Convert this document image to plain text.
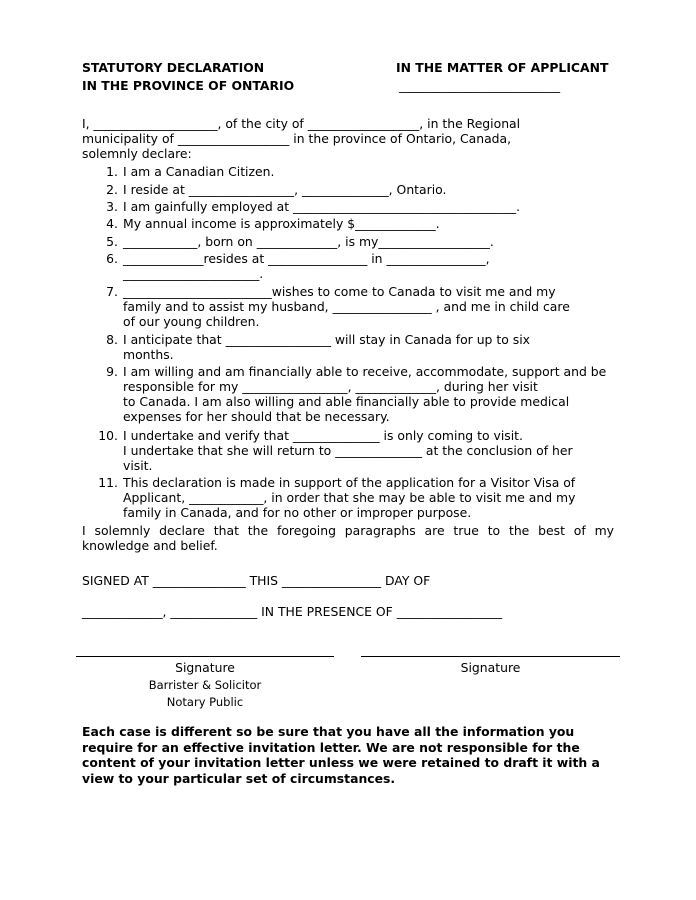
STATUTORY DECLARATION
IN THE PROVINCE OF ONTARIO
IN THE MATTER OF APPLICANT
__________________________
I, ____________________, of the city of __________________, in the Regional
municipality of __________________ in the province of Ontario, Canada,
solemnly declare:
1. I am a Canadian Citizen.
2. I reside at _________________, ______________, Ontario.
3. I am gainfully employed at ____________________________________.
4. My annual income is approximately $_____________.
5. ____________, born on _____________, is my__________________.
6. _____________resides at ________________ in ________________,
______________________.
7. ________________________wishes to come to Canada to visit me and my
family and to assist my husband, ________________ , and me in child care
of our young children.
8. I anticipate that _________________ will stay in Canada for up to six
months.
9. I am willing and am financially able to receive, accommodate, support and be
responsible for my _________________, _____________, during her visit
to Canada. I am also willing and able financially able to provide medical
expenses for her should that be necessary.
10. I undertake and verify that ______________ is only coming to visit.
I undertake that she will return to ______________ at the conclusion of her
visit.
11. This declaration is made in support of the application for a Visitor Visa of
Applicant, ____________, in order that she may be able to visit me and my
family in Canada, and for no other or improper purpose.
I solemnly declare that the foregoing paragraphs are true to the best of my knowledge and belief.
SIGNED AT _______________ THIS ________________ DAY OF
_____________, ______________ IN THE PRESENCE OF _________________
Signature
Barrister & Solicitor
Notary Public
Signature
Each case is different so be sure that you have all the information you require for an effective invitation letter. We are not responsible for the content of your invitation letter unless we were retained to draft it with a view to your particular set of circumstances.
